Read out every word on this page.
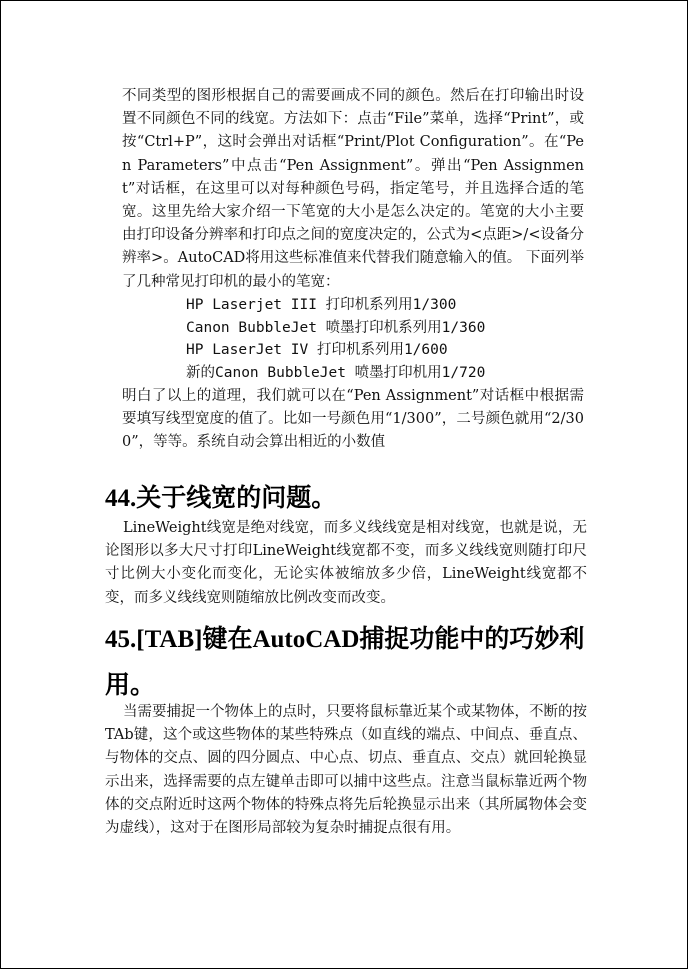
不同类型的图形根据自己的需要画成不同的颜色。然后在打印输出时设置不同颜色不同的线宽。方法如下：点击“File”菜单，选择“Print”，或按“Ctrl+P”，这时会弹出对话框“Print/Plot Configuration”。在“Pen Parameters”中点击“Pen Assignment”。弹出“Pen Assignment”对话框，在这里可以对每种颜色号码，指定笔号，并且选择合适的笔宽。这里先给大家介绍一下笔宽的大小是怎么决定的。笔宽的大小主要由打印设备分辨率和打印点之间的宽度决定的，公式为<点距>/<设备分辨率>。AutoCAD将用这些标准值来代替我们随意输入的值。 下面列举了几种常见打印机的最小的笔宽：

HP Laserjet III 打印机系列用1/300
Canon BubbleJet 喷墨打印机系列用1/360
HP LaserJet IV 打印机系列用1/600
新的Canon BubbleJet 喷墨打印机用1/720

明白了以上的道理，我们就可以在“Pen Assignment”对话框中根据需要填写线型宽度的值了。比如一号颜色用“1/300”，二号颜色就用“2/300”，等等。系统自动会算出相近的小数值

44.关于线宽的问题。

LineWeight线宽是绝对线宽，而多义线线宽是相对线宽，也就是说，无论图形以多大尺寸打印LineWeight线宽都不变，而多义线线宽则随打印尺寸比例大小变化而变化，无论实体被缩放多少倍，LineWeight线宽都不变，而多义线线宽则随缩放比例改变而改变。

45.[TAB]键在AutoCAD捕捉功能中的巧妙利用。

当需要捕捉一个物体上的点时，只要将鼠标靠近某个或某物体，不断的按TAb键，这个或这些物体的某些特殊点（如直线的端点、中间点、垂直点、与物体的交点、圆的四分圆点、中心点、切点、垂直点、交点）就回轮换显示出来，选择需要的点左键单击即可以捕中这些点。注意当鼠标靠近两个物体的交点附近时这两个物体的特殊点将先后轮换显示出来（其所属物体会变为虚线），这对于在图形局部较为复杂时捕捉点很有用。
